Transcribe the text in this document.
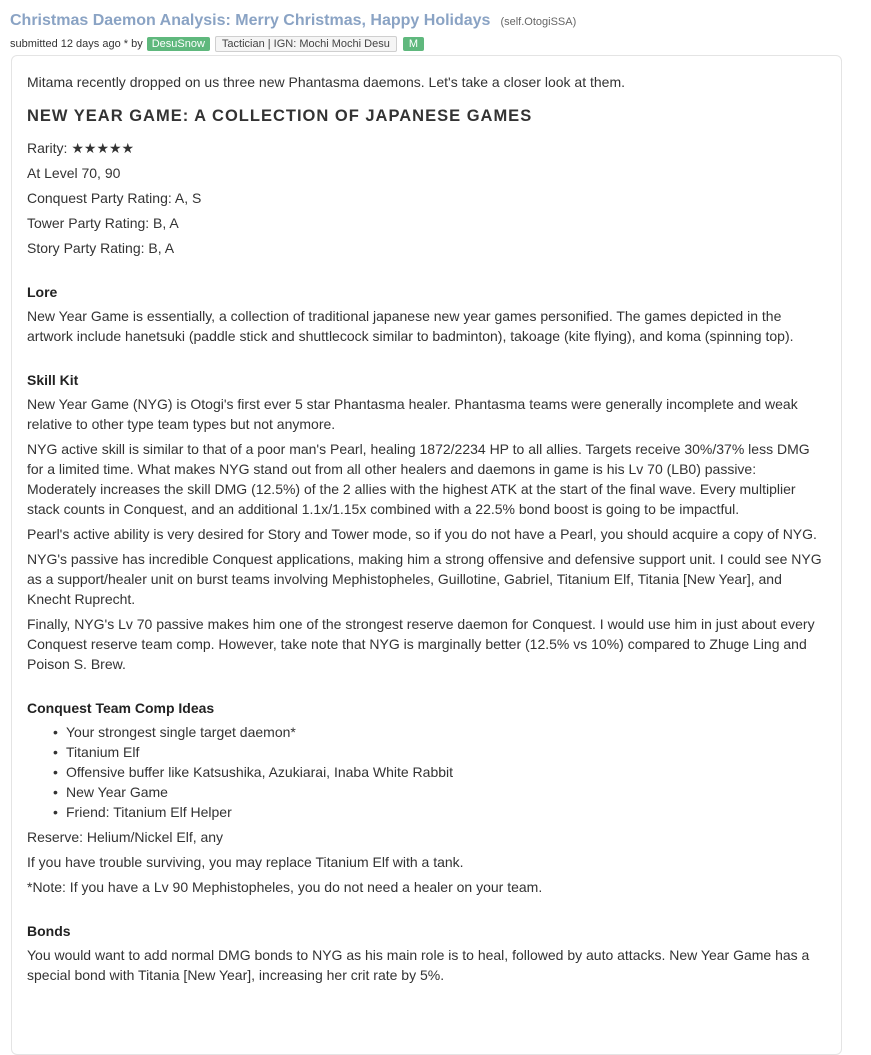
Christmas Daemon Analysis: Merry Christmas, Happy Holidays (self.OtogiSSA)
submitted 12 days ago * by DesuSnow	Tactician | IGN: Mochi Mochi Desu	M

Mitama recently dropped on us three new Phantasma daemons. Let's take a closer look at them.

NEW YEAR GAME: A COLLECTION OF JAPANESE GAMES

Rarity: ★★★★★

At Level 70, 90

Conquest Party Rating: A, S

Tower Party Rating: B, A

Story Party Rating: B, A

Lore

New Year Game is essentially, a collection of traditional japanese new year games personified. The games depicted in the artwork include hanetsuki (paddle stick and shuttlecock similar to badminton), takoage (kite flying), and koma (spinning top).

Skill Kit

New Year Game (NYG) is Otogi's first ever 5 star Phantasma healer. Phantasma teams were generally incomplete and weak relative to other type team types but not anymore.

NYG active skill is similar to that of a poor man's Pearl, healing 1872/2234 HP to all allies. Targets receive 30%/37% less DMG for a limited time. What makes NYG stand out from all other healers and daemons in game is his Lv 70 (LB0) passive: Moderately increases the skill DMG (12.5%) of the 2 allies with the highest ATK at the start of the final wave. Every multiplier stack counts in Conquest, and an additional 1.1x/1.15x combined with a 22.5% bond boost is going to be impactful.

Pearl's active ability is very desired for Story and Tower mode, so if you do not have a Pearl, you should acquire a copy of NYG.

NYG's passive has incredible Conquest applications, making him a strong offensive and defensive support unit. I could see NYG as a support/healer unit on burst teams involving Mephistopheles, Guillotine, Gabriel, Titanium Elf, Titania [New Year], and Knecht Ruprecht.

Finally, NYG's Lv 70 passive makes him one of the strongest reserve daemon for Conquest. I would use him in just about every Conquest reserve team comp. However, take note that NYG is marginally better (12.5% vs 10%) compared to Zhuge Ling and Poison S. Brew.

Conquest Team Comp Ideas
• Your strongest single target daemon*
• Titanium Elf
• Offensive buffer like Katsushika, Azukiarai, Inaba White Rabbit
• New Year Game
• Friend: Titanium Elf Helper

Reserve: Helium/Nickel Elf, any

If you have trouble surviving, you may replace Titanium Elf with a tank.

*Note: If you have a Lv 90 Mephistopheles, you do not need a healer on your team.

Bonds

You would want to add normal DMG bonds to NYG as his main role is to heal, followed by auto attacks. New Year Game has a special bond with Titania [New Year], increasing her crit rate by 5%.
